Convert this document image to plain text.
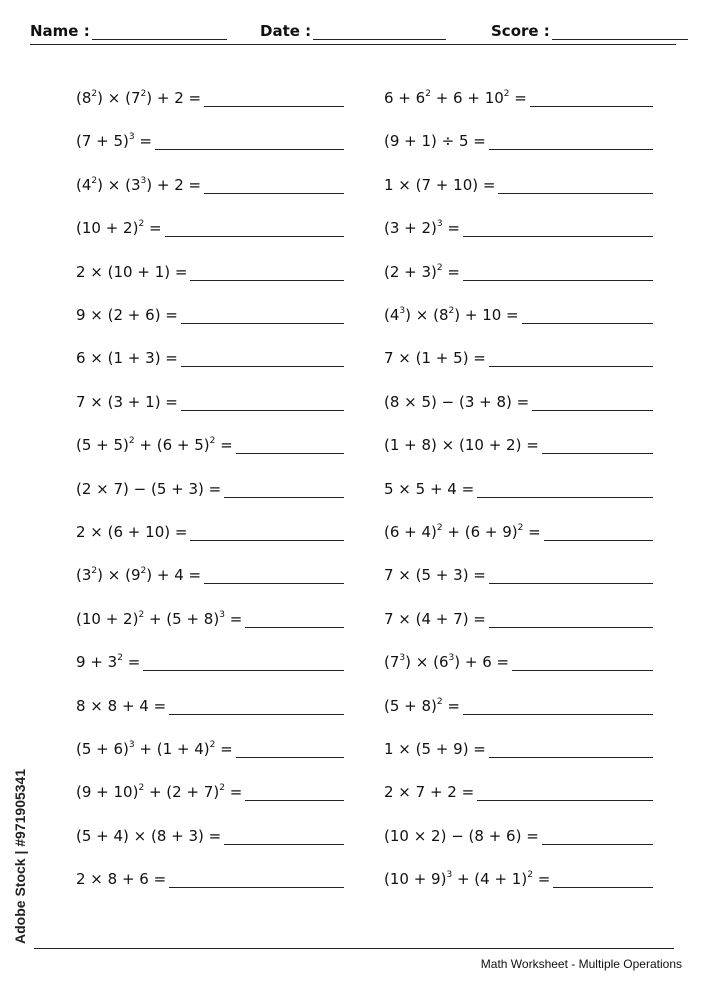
Name :	Date :	Score :
$(8^2) \times (7^2) + 2$ =
$(7 + 5)^3$ =
$(4^2) \times (3^3) + 2$ =
$(10 + 2)^2$ =
2 × (10 + 1) =
9 × (2 + 6) =
6 × (1 + 3) =
7 × (3 + 1) =
$(5 + 5)^2 + (6 + 5)^2$ =
(2 × 7) − (5 + 3) =
2 × (6 + 10) =
$(3^2) \times (9^2) + 4$ =
$(10 + 2)^2 + (5 + 8)^3$ =
$9 + 3^2$ =
8 × 8 + 4 =
$(5 + 6)^3 + (1 + 4)^2$ =
$(9 + 10)^2 + (2 + 7)^2$ =
(5 + 4) × (8 + 3) =
2 × 8 + 6 =
$6 + 6^2 + 6 + 10^2$ =
(9 + 1) ÷ 5 =
1 × (7 + 10) =
$(3 + 2)^3$ =
$(2 + 3)^2$ =
$(4^3) \times (8^2) + 10$ =
7 × (1 + 5) =
(8 × 5) − (3 + 8) =
(1 + 8) × (10 + 2) =
5 × 5 + 4 =
$(6 + 4)^2 + (6 + 9)^2$ =
7 × (5 + 3) =
7 × (4 + 7) =
$(7^3) \times (6^3) + 6$ =
$(5 + 8)^2$ =
1 × (5 + 9) =
2 × 7 + 2 =
(10 × 2) − (8 + 6) =
$(10 + 9)^3 + (4 + 1)^2$ =
Math Worksheet - Multiple Operations
Adobe Stock | #971905341
